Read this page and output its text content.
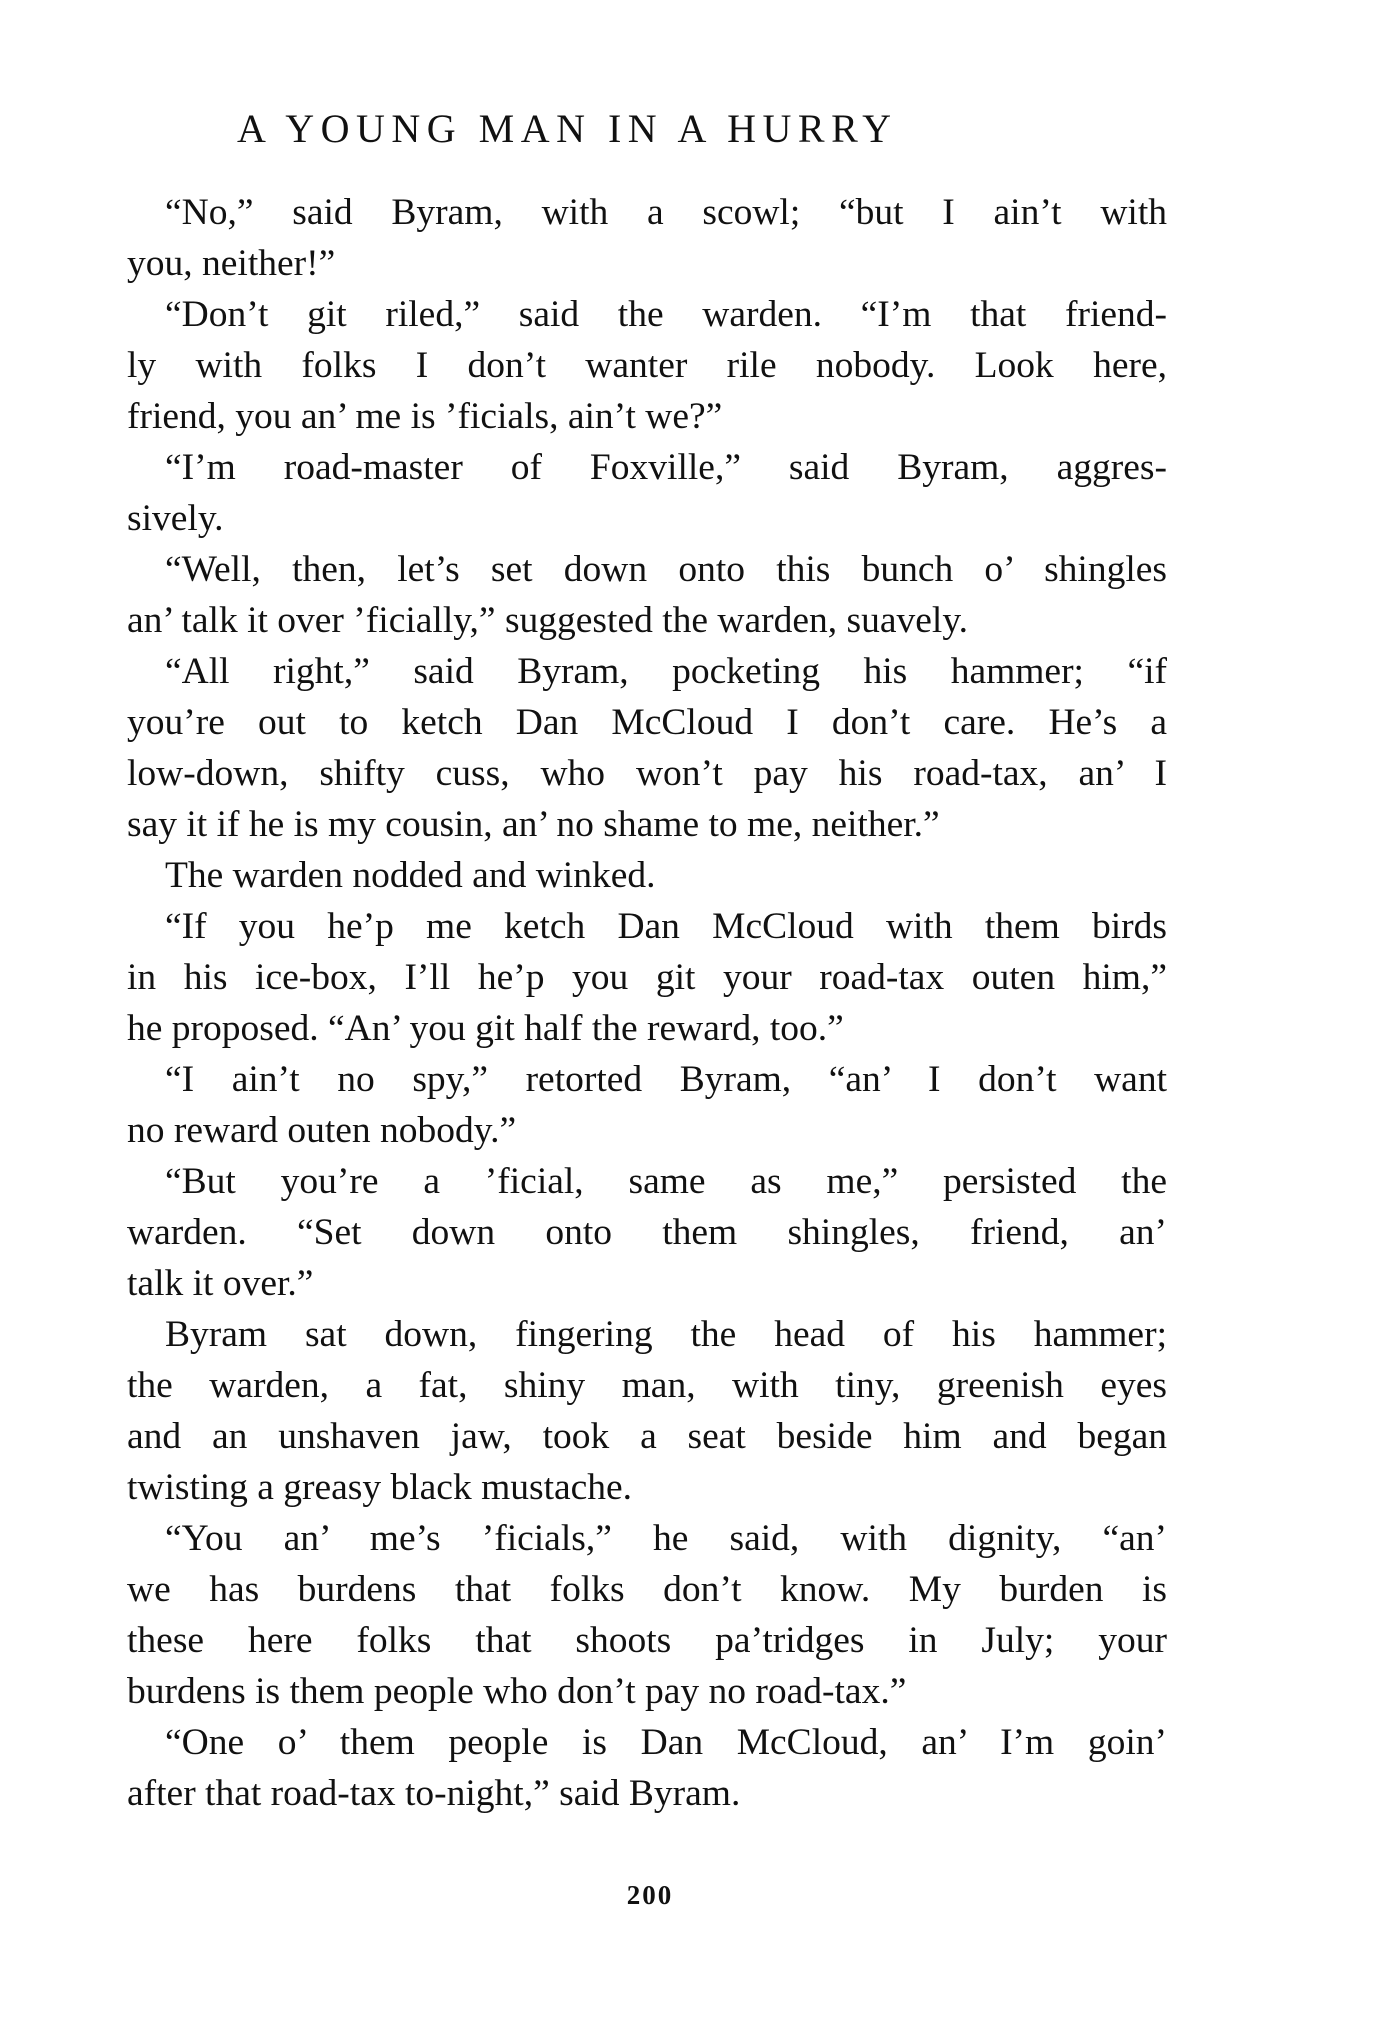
A YOUNG MAN IN A HURRY
“No,” said Byram, with a scowl; “but I ain’t with
you, neither!”
“Don’t git riled,” said the warden. “I’m that friend-
ly with folks I don’t wanter rile nobody. Look here,
friend, you an’ me is ’ficials, ain’t we?”
“I’m road-master of Foxville,” said Byram, aggres-
sively.
“Well, then, let’s set down onto this bunch o’ shingles
an’ talk it over ’ficially,” suggested the warden, suavely.
“All right,” said Byram, pocketing his hammer; “if
you’re out to ketch Dan McCloud I don’t care. He’s a
low-down, shifty cuss, who won’t pay his road-tax, an’ I
say it if he is my cousin, an’ no shame to me, neither.”
The warden nodded and winked.
“If you he’p me ketch Dan McCloud with them birds
in his ice-box, I’ll he’p you git your road-tax outen him,”
he proposed. “An’ you git half the reward, too.”
“I ain’t no spy,” retorted Byram, “an’ I don’t want
no reward outen nobody.”
“But you’re a ’ficial, same as me,” persisted the
warden. “Set down onto them shingles, friend, an’
talk it over.”
Byram sat down, fingering the head of his hammer;
the warden, a fat, shiny man, with tiny, greenish eyes
and an unshaven jaw, took a seat beside him and began
twisting a greasy black mustache.
“You an’ me’s ’ficials,” he said, with dignity, “an’
we has burdens that folks don’t know. My burden is
these here folks that shoots pa’tridges in July; your
burdens is them people who don’t pay no road-tax.”
“One o’ them people is Dan McCloud, an’ I’m goin’
after that road-tax to-night,” said Byram.
200
